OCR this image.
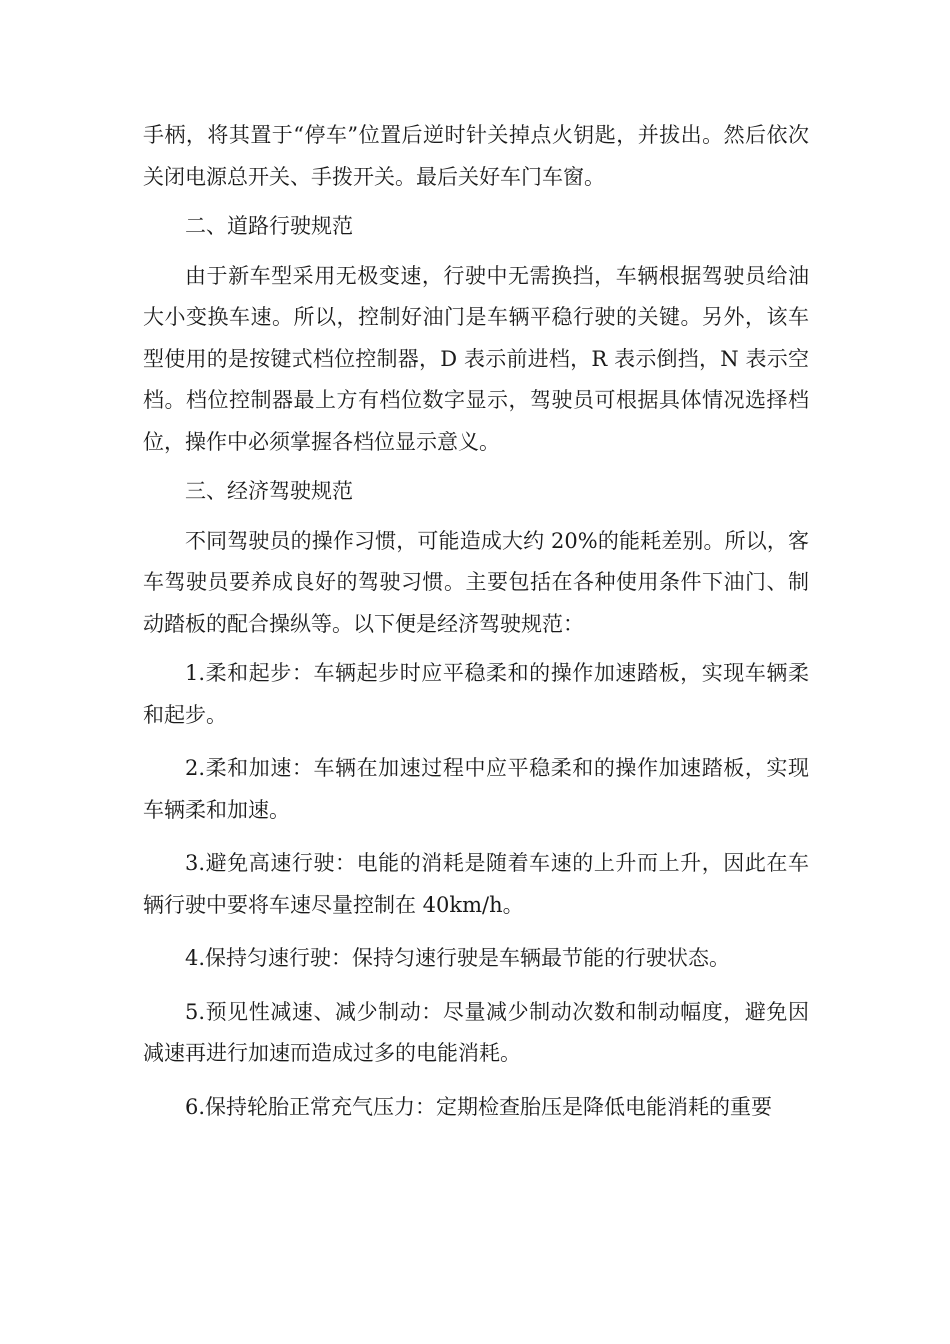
手柄，将其置于“停车”位置后逆时针关掉点火钥匙，并拔出。然后依次关闭电源总开关、手拨开关。最后关好车门车窗。

二、道路行驶规范

由于新车型采用无极变速，行驶中无需换挡，车辆根据驾驶员给油大小变换车速。所以，控制好油门是车辆平稳行驶的关键。另外，该车型使用的是按键式档位控制器，D 表示前进档，R 表示倒挡，N 表示空档。档位控制器最上方有档位数字显示，驾驶员可根据具体情况选择档位，操作中必须掌握各档位显示意义。

三、经济驾驶规范

不同驾驶员的操作习惯，可能造成大约 20%的能耗差别。所以，客车驾驶员要养成良好的驾驶习惯。主要包括在各种使用条件下油门、制动踏板的配合操纵等。以下便是经济驾驶规范：

1.柔和起步：车辆起步时应平稳柔和的操作加速踏板，实现车辆柔和起步。

2.柔和加速：车辆在加速过程中应平稳柔和的操作加速踏板，实现车辆柔和加速。

3.避免高速行驶：电能的消耗是随着车速的上升而上升，因此在车辆行驶中要将车速尽量控制在 40km/h。

4.保持匀速行驶：保持匀速行驶是车辆最节能的行驶状态。

5.预见性减速、减少制动：尽量减少制动次数和制动幅度，避免因减速再进行加速而造成过多的电能消耗。

6.保持轮胎正常充气压力：定期检查胎压是降低电能消耗的重要
